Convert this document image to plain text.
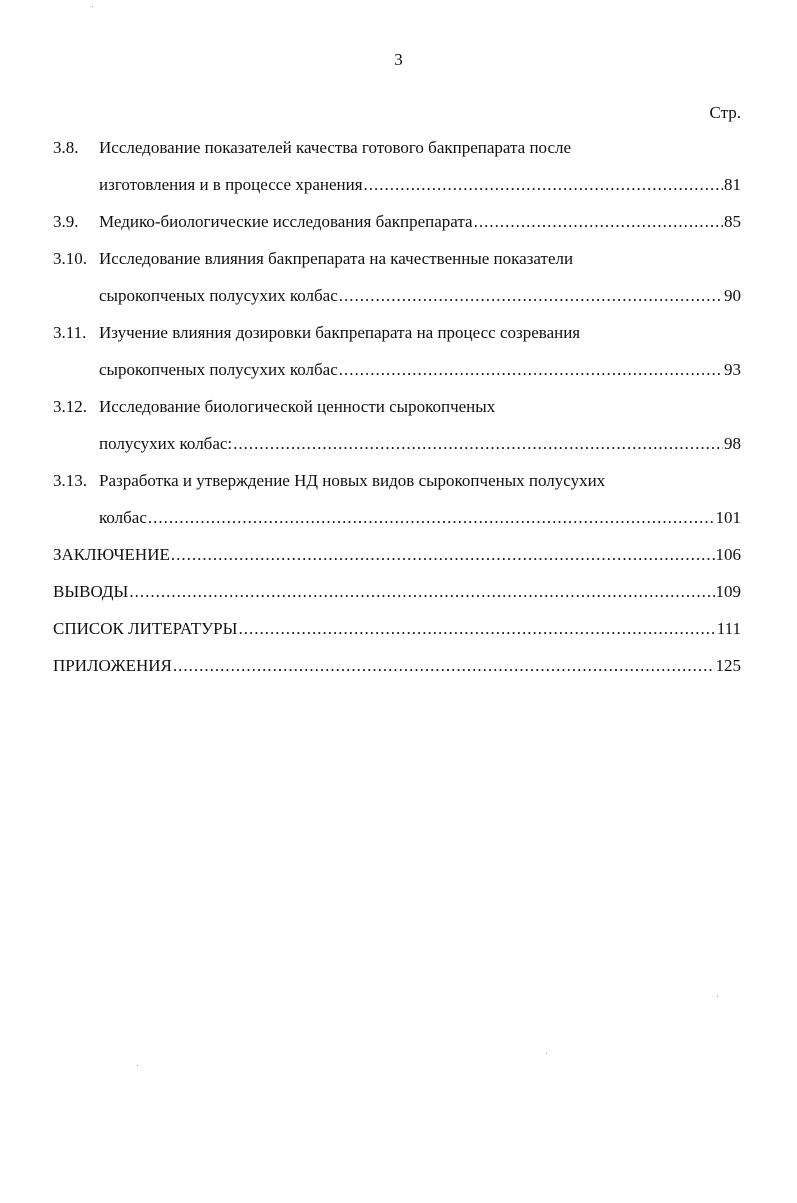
3
Стр.
3.8.	Исследование показателей качества готового бакпрепарата после
изготовления и в процессе хранения .....	81
3.9. Медико-биологические исследования бакпрепарата .....	85
3.10. Исследование влияния бакпрепарата на качественные показатели
сырокопченых полусухих колбас .....	90
3.11. Изучение влияния дозировки бакпрепарата на процесс созревания
сырокопченых полусухих колбас .....	93
3.12. Исследование биологической ценности сырокопченых
полусухих колбас: .....	98
3.13. Разработка и утверждение НД новых видов сырокопченых полусухих
колбас .....	101
ЗАКЛЮЧЕНИЕ .....	106
ВЫВОДЫ .....	109
СПИСОК ЛИТЕРАТУРЫ .....	111
ПРИЛОЖЕНИЯ .....	125
